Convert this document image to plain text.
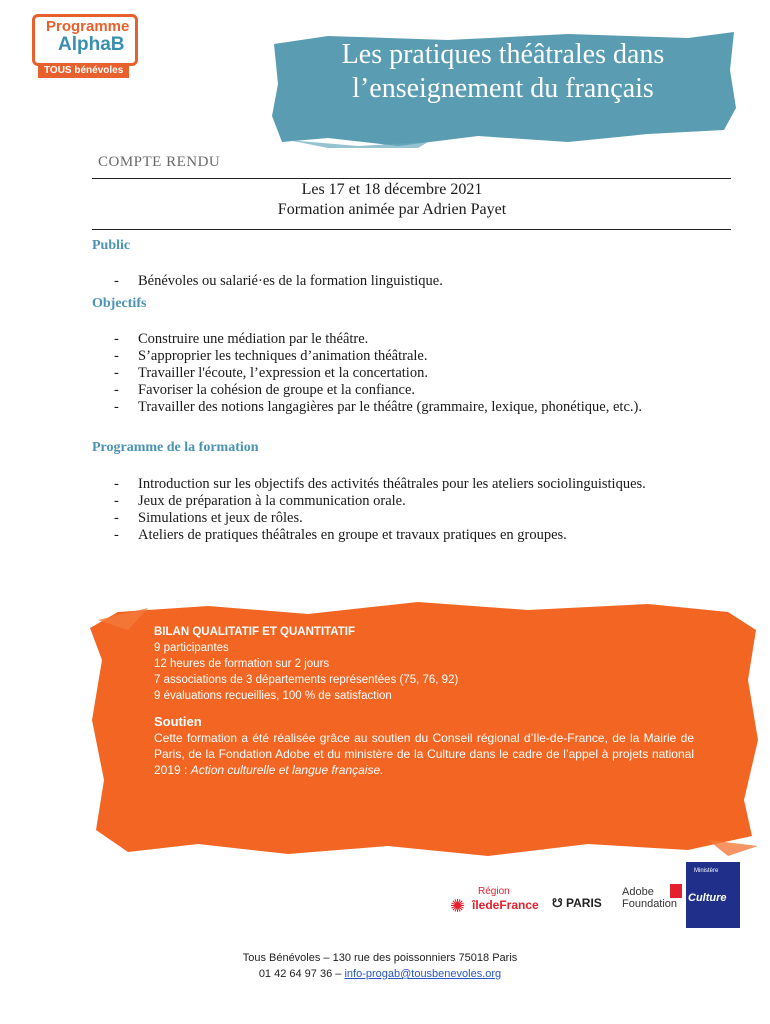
Programme
AlphaB
TOUS bénévoles
Les pratiques théâtrales dans l’enseignement du français
COMPTE RENDU
Les 17 et 18 décembre 2021
Formation animée par Adrien Payet
Public
- Bénévoles ou salarié·es de la formation linguistique.
Objectifs
- Construire une médiation par le théâtre.
- S’approprier les techniques d’animation théâtrale.
- Travailler l'écoute, l’expression et la concertation.
- Favoriser la cohésion de groupe et la confiance.
- Travailler des notions langagières par le théâtre (grammaire, lexique, phonétique, etc.).
Programme de la formation
- Introduction sur les objectifs des activités théâtrales pour les ateliers sociolinguistiques.
- Jeux de préparation à la communication orale.
- Simulations et jeux de rôles.
- Ateliers de pratiques théâtrales en groupe et travaux pratiques en groupes.
BILAN QUALITATIF ET QUANTITATIF
9 participantes
12 heures de formation sur 2 jours
7 associations de 3 départements représentées (75, 76, 92)
9 évaluations recueillies, 100 % de satisfaction
Soutien
Cette formation a été réalisée grâce au soutien du Conseil régional d’Ile-de-France, de la Mairie de Paris, de la Fondation Adobe et du ministère de la Culture dans le cadre de l’appel à projets national 2019 : Action culturelle et langue française.
✺
Région
îledeFrance ☋ PARIS
Adobe
Foundation
Ministère
Culture
Tous Bénévoles – 130 rue des poissonniers 75018 Paris
01 42 64 97 36 – info-progab@tousbenevoles.org
